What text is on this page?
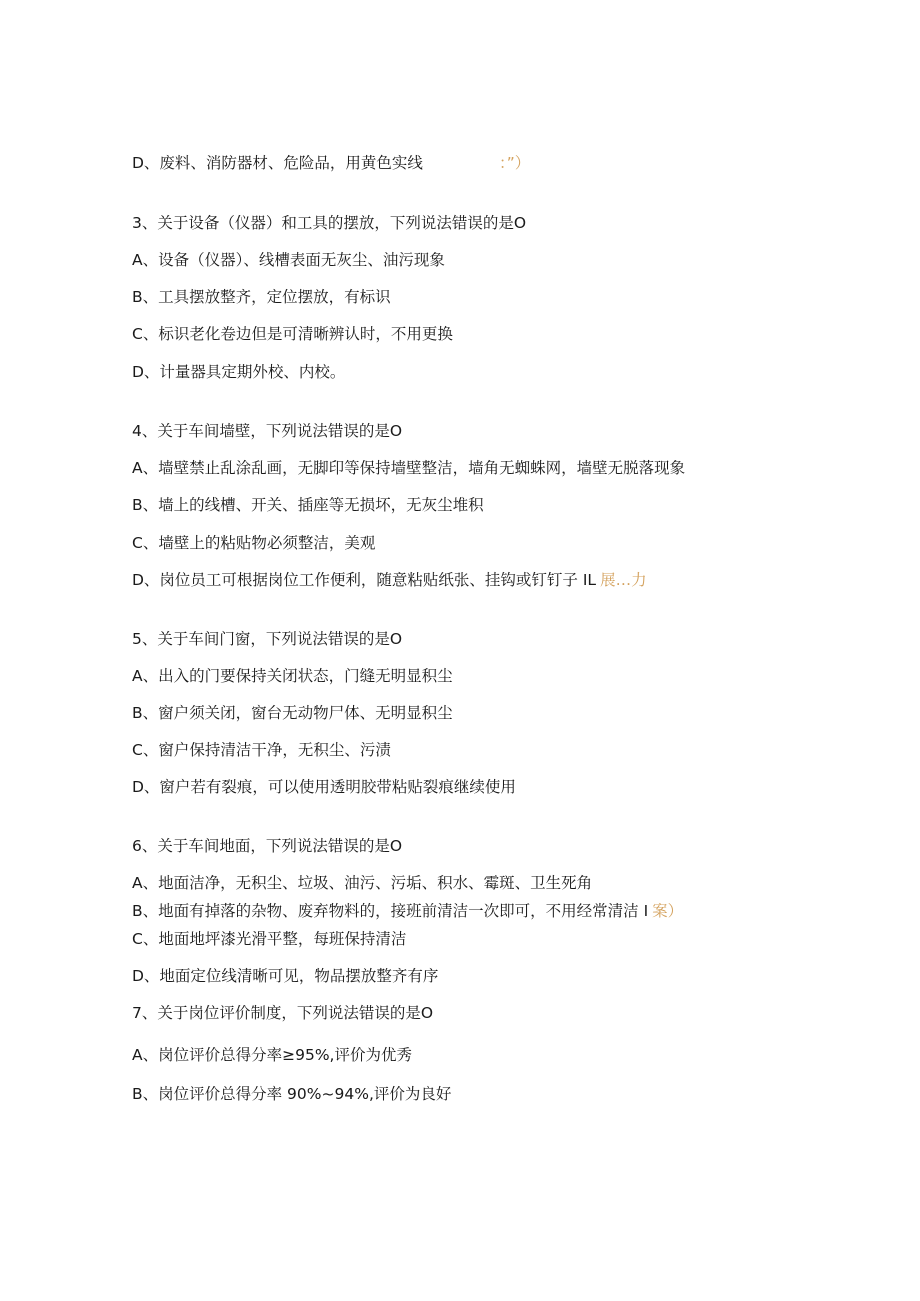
D、废料、消防器材、危险品，用黄色实线	：”）
3、关于设备（仪器）和工具的摆放，下列说法错误的是O
A、设备（仪器）、线槽表面无灰尘、油污现象
B、工具摆放整齐，定位摆放，有标识
C、标识老化卷边但是可清晰辨认时，不用更换
D、计量器具定期外校、内校。
4、关于车间墙壁，下列说法错误的是O
A、墙壁禁止乱涂乱画，无脚印等保持墙壁整洁，墙角无蜘蛛网，墙壁无脱落现象
B、墙上的线槽、开关、插座等无损坏，无灰尘堆积
C、墙壁上的粘贴物必须整洁，美观
D、岗位员工可根据岗位工作便利，随意粘贴纸张、挂钩或钉钉子 IL 展…力
5、关于车间门窗，下列说法错误的是O
A、出入的门要保持关闭状态，门缝无明显积尘
B、窗户须关闭，窗台无动物尸体、无明显积尘
C、窗户保持清洁干净，无积尘、污渍
D、窗户若有裂痕，可以使用透明胶带粘贴裂痕继续使用
6、关于车间地面，下列说法错误的是O
A、地面洁净，无积尘、垃圾、油污、污垢、积水、霉斑、卫生死角
B、地面有掉落的杂物、废弃物料的，接班前清洁一次即可，不用经常清洁 I 案）
C、地面地坪漆光滑平整，每班保持清洁
D、地面定位线清晰可见，物品摆放整齐有序
7、关于岗位评价制度，下列说法错误的是O
A、岗位评价总得分率≥95%,评价为优秀
B、岗位评价总得分率 90%~94%,评价为良好
